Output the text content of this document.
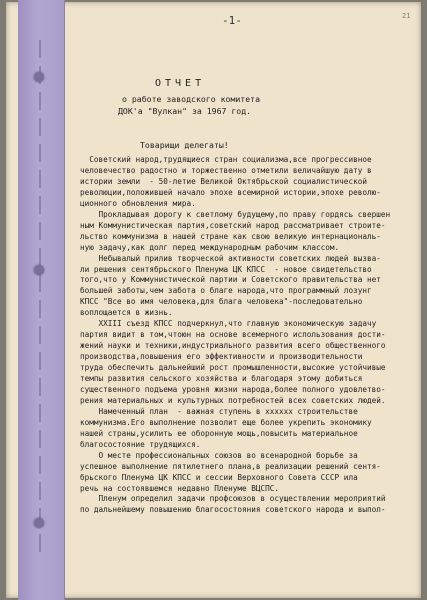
-1-	21
ОТЧЕТ
о работе заводского комитета
ДОК'а "Вулкан" за 1967 год.
Товарищи делегаты!
Советский народ,трудящиеся стран социализма,все прогрессивное
человечество радостно и торжественно отметили величайшую дату в
истории земли  - 50-летие Великой Октябрьской социалистической
революции,положившей начало эпохе всемирной истории,эпохе револю-
ционного обновления мира.
Прокладывая дорогу к светлому будущему,по праву гордясь свершен
ным Коммунистическая партия,советский народ рассматривает строите-
льство коммунизма в нашей стране как свою великую интернациональ-
ную задачу,как долг перед международным рабочим классом.
Небывалый прилив творческой активности советских людей вызва-
ли решения сентябрьского Пленума ЦК КПСС  - новое свидетельство
того,что у Коммунистической партии и Советского правительства нет
большей заботы,чем забота о благе народа,что программный лозунг
КПСС "Все во имя человека,для блага человека"-последовательно
воплощается в жизнь.
XXIII съезд КПСС подчеркнул,что главную экономическую задачу
партия видит в том,чтоюн на основе всемерного использования дости-
жений науки и техники,индустриального развития всего общественного
производства,повышения его эффективности и производительности
труда обеспечить дальнейший рост промышленности,высокие устойчивые
темпы развития сельского хозяйства и благодаря этому добиться
существенного подъема уровня жизни народа,более полного удовлетво-
рения материальных и культурных потребностей всех советских людей.
Намеченный план  - важная ступень в хххххх строительстве
коммунизма.Его выполнение позволит еще более укрепить экономику
нашей страны,усилить ее оборонную мощь,повысить материальное
благосостояние трудящихся.
О месте профессиональных союзов во всенародной борьбе за
успешное выполнение пятилетнего плана,в реализации решений сентя-
брьского Пленума ЦК КПСС и сессии Верховного Совета СССР ила
речь на состоявшемся недавно Пленуме ВЦСПС.
Пленум определил задачи профсоюзов в осуществлении мероприятий
по дальнейшему повышению благосостояния советского народа и выпол-
